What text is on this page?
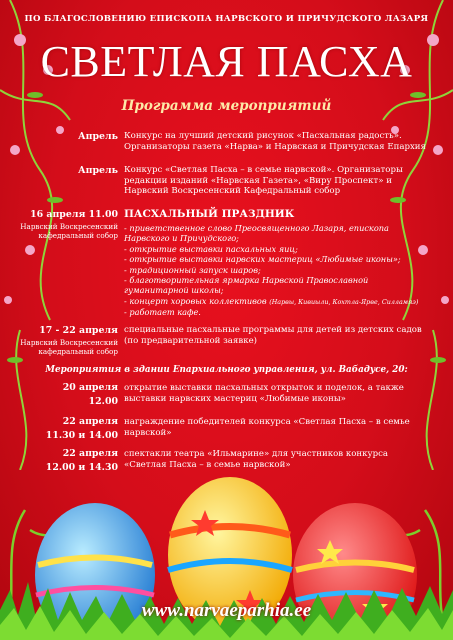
ПО БЛАГОСЛОВЕНИЮ ЕПИСКОПА НАРВСКОГО И ПРИЧУДСКОГО ЛАЗАРЯ
СВЕТЛАЯ ПАСХА
Программа мероприятий
Апрель Конкурс на лучший детский рисунок «Пасхальная радость».
Организаторы газета «Нарва» и Нарвская и Причудская Епархия
Апрель Конкурс «Светлая Пасха – в семье нарвской». Организаторы
редакции изданий «Нарвская Газета», «Виру Проспект» и
Нарвский Воскресенский Кафедральный собор
16 апреля 11.00
Нарвский Воскресенский
кафедральный собор
ПАСХАЛЬНЫЙ ПРАЗДНИК
- приветственное слово Преосвященного Лазаря, епископа
Нарвского и Причудского;
- открытие выставки пасхальных яиц;
- открытие выставки нарвских мастериц «Любимые иконы»;
- традиционный запуск шаров;
- благотворительная ярмарка Нарвской Православной
гуманитарной школы;
- концерт хоровых коллективов (Нарвы, Кивиыли, Кохтла-Ярве, Силламяэ)
- работает кафе.
17 - 22 апреля
Нарвский Воскресенский
кафедральный собор
специальные пасхальные программы для детей из детских садов
(по предварительной заявке)
Мероприятия в здании Епархиального управления, ул. Вабадусе, 20:
20 апреля
12.00
открытие выставки пасхальных открыток и поделок, а также
выставки нарвских мастериц «Любимые иконы»
22 апреля
11.30 и 14.00
награждение победителей конкурса «Светлая Пасха – в семье
нарвской»
22 апреля
12.00 и 14.30
спектакли театра «Ильмарине» для участников конкурса
«Светлая Пасха – в семье нарвской»
www.narvaeparhia.ee
